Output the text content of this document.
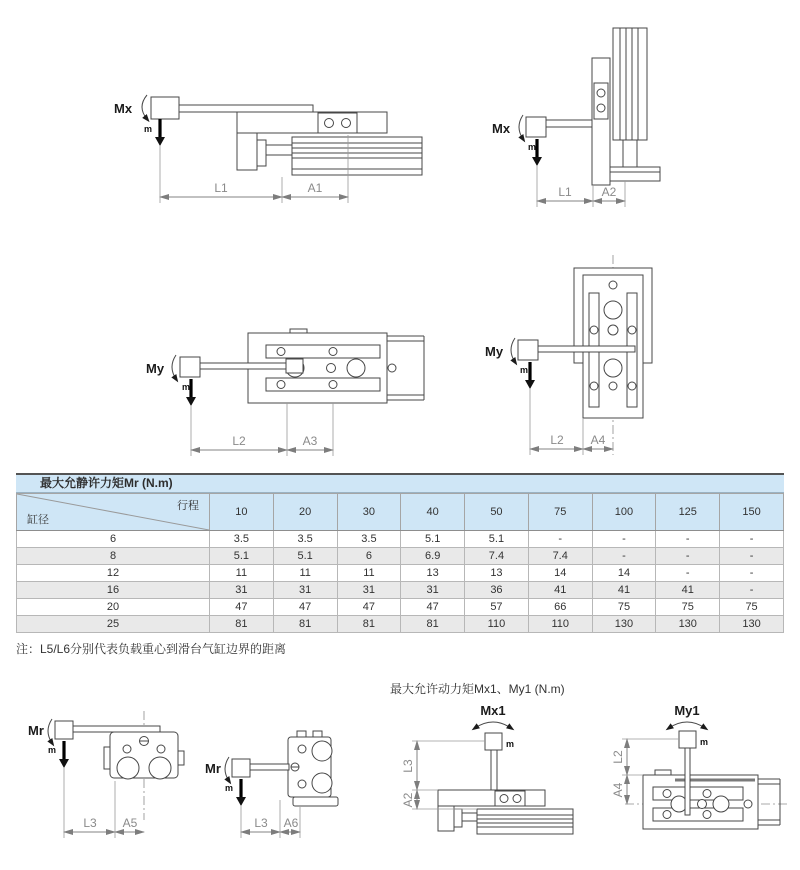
Mx
m
L1	A1
Mx
m
L1 A2
My
m
L2	A3
My
m
L2 A4
Mr
m
L3 A5
Mr
m
L3 A6
Mx1
m
L3
A2
My1
m
L2
A4
最大允静许力矩Mr (N.m)
行程
缸径	10	20	30	40	50	75	100	125	150
6	3.5	3.5	3.5	5.1	5.1	-	-	-	-
8	5.1	5.1	6	6.9	7.4	7.4	-	-	-
12	11	11	11	13	13	14	14	-	-
16	31	31	31	31	36	41	41	41	-
20	47	47	47	47	57	66	75	75	75
25	81	81	81	81	110	110	130	130	130
注：L5/L6分别代表负载重心到滑台气缸边界的距离
最大允许动力矩Mx1、My1 (N.m)
